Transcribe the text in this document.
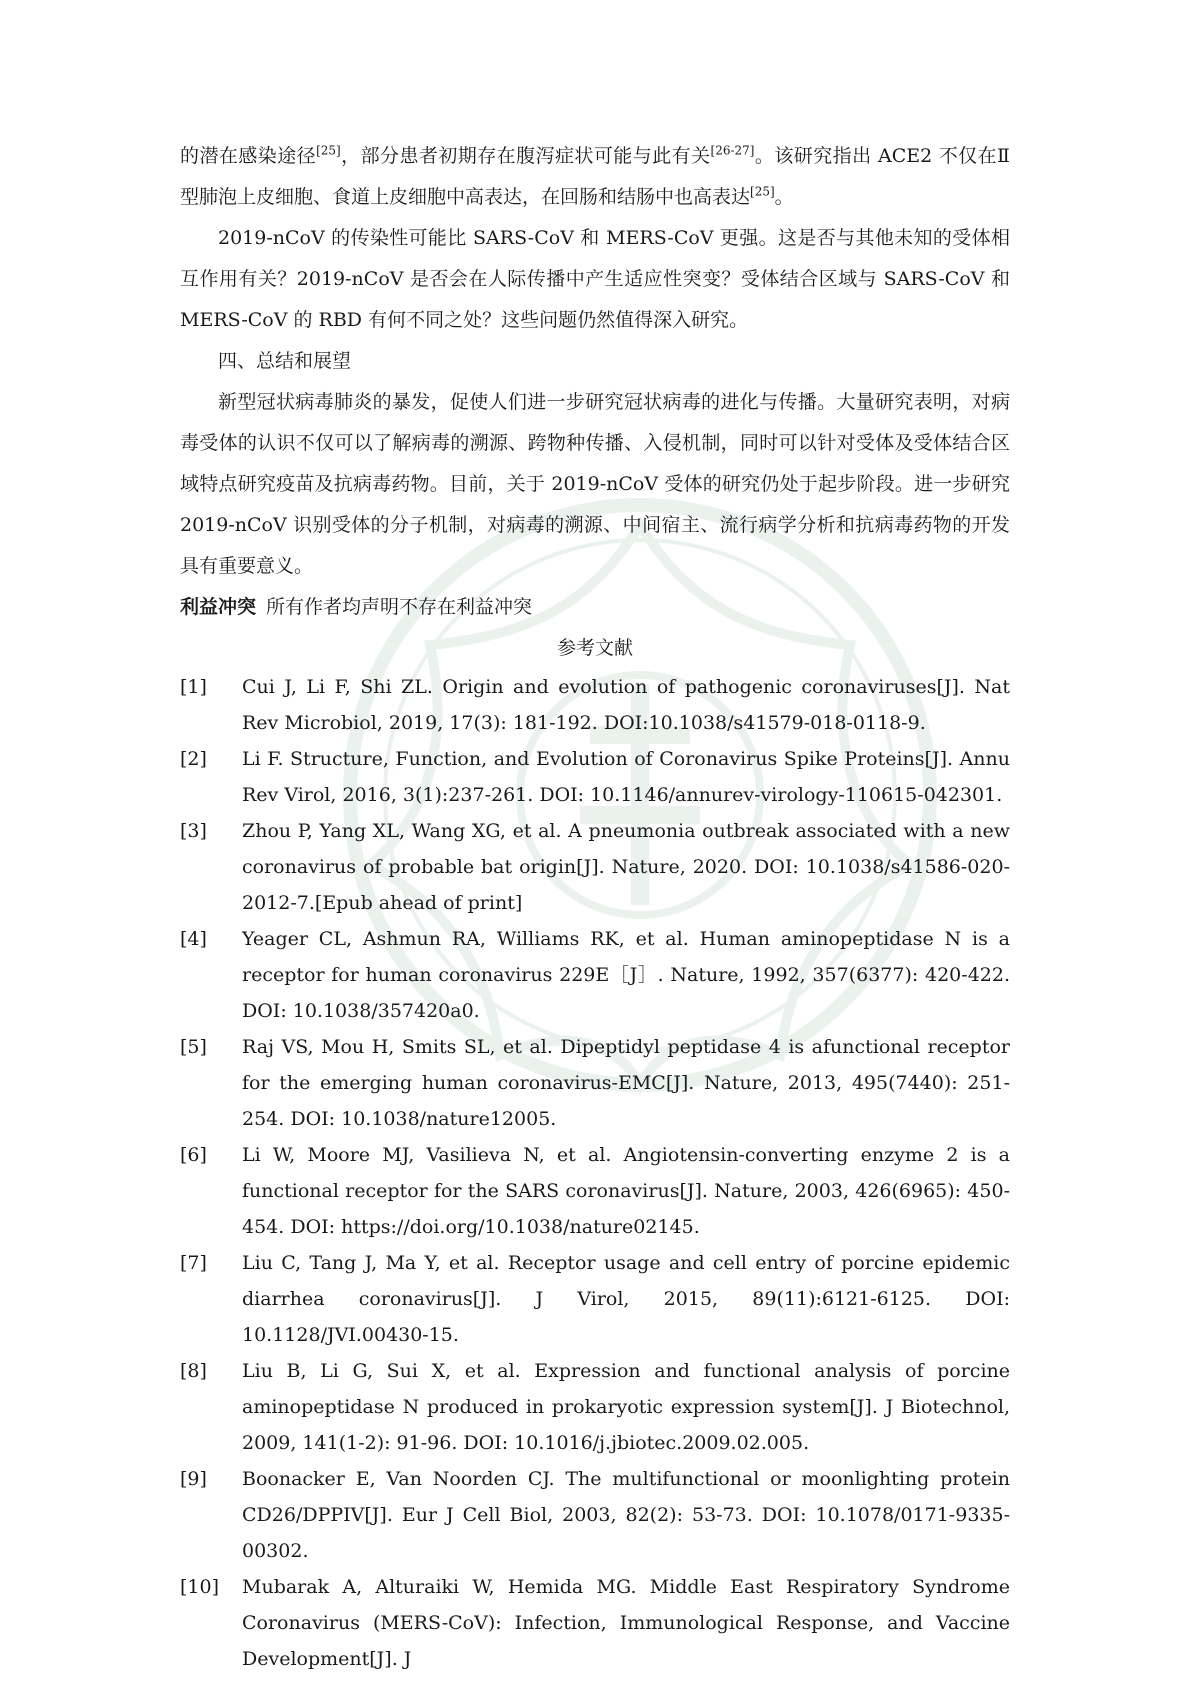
的潜在感染途径[25]，部分患者初期存在腹泻症状可能与此有关[26-27]。该研究指出 ACE2 不仅在Ⅱ型肺泡上皮细胞、食道上皮细胞中高表达，在回肠和结肠中也高表达[25]。

2019-nCoV 的传染性可能比 SARS-CoV 和 MERS-CoV 更强。这是否与其他未知的受体相互作用有关？2019-nCoV 是否会在人际传播中产生适应性突变？受体结合区域与 SARS-CoV 和 MERS-CoV 的 RBD 有何不同之处？这些问题仍然值得深入研究。

四、总结和展望

新型冠状病毒肺炎的暴发，促使人们进一步研究冠状病毒的进化与传播。大量研究表明，对病毒受体的认识不仅可以了解病毒的溯源、跨物种传播、入侵机制，同时可以针对受体及受体结合区域特点研究疫苗及抗病毒药物。目前，关于 2019-nCoV 受体的研究仍处于起步阶段。进一步研究 2019-nCoV 识别受体的分子机制，对病毒的溯源、中间宿主、流行病学分析和抗病毒药物的开发具有重要意义。

利益冲突 所有作者均声明不存在利益冲突

参考文献

[1]	Cui J, Li F, Shi ZL. Origin and evolution of pathogenic coronaviruses[J]. Nat Rev Microbiol, 2019, 17(3): 181-192. DOI:10.1038/s41579-018-0118-9.
[2]	Li F. Structure, Function, and Evolution of Coronavirus Spike Proteins[J]. Annu Rev Virol, 2016, 3(1):237-261. DOI: 10.1146/annurev-virology-110615-042301.
[3]	Zhou P, Yang XL, Wang XG, et al. A pneumonia outbreak associated with a new coronavirus of probable bat origin[J]. Nature, 2020. DOI: 10.1038/s41586-020-2012-7.[Epub ahead of print]
[4]	Yeager CL, Ashmun RA, Williams RK, et al. Human aminopeptidase N is a receptor for human coronavirus 229E［J］. Nature, 1992, 357(6377): 420-422. DOI: 10.1038/357420a0.
[5]	Raj VS, Mou H, Smits SL, et al. Dipeptidyl peptidase 4 is afunctional receptor for the emerging human coronavirus-EMC[J]. Nature, 2013, 495(7440): 251-254. DOI: 10.1038/nature12005.
[6]	Li W, Moore MJ, Vasilieva N, et al. Angiotensin-converting enzyme 2 is a functional receptor for the SARS coronavirus[J]. Nature, 2003, 426(6965): 450-454. DOI: https://doi.org/10.1038/nature02145.
[7]	Liu C, Tang J, Ma Y, et al. Receptor usage and cell entry of porcine epidemic diarrhea coronavirus[J]. J Virol, 2015, 89(11):6121-6125. DOI: 10.1128/JVI.00430-15.
[8]	Liu B, Li G, Sui X, et al. Expression and functional analysis of porcine aminopeptidase N produced in prokaryotic expression system[J]. J Biotechnol, 2009, 141(1-2): 91-96. DOI: 10.1016/j.jbiotec.2009.02.005.
[9]	Boonacker E, Van Noorden CJ. The multifunctional or moonlighting protein CD26/DPPIV[J]. Eur J Cell Biol, 2003, 82(2): 53-73. DOI: 10.1078/0171-9335-00302.
[10]	Mubarak A, Alturaiki W, Hemida MG. Middle East Respiratory Syndrome Coronavirus (MERS-CoV): Infection, Immunological Response, and Vaccine Development[J]. J
